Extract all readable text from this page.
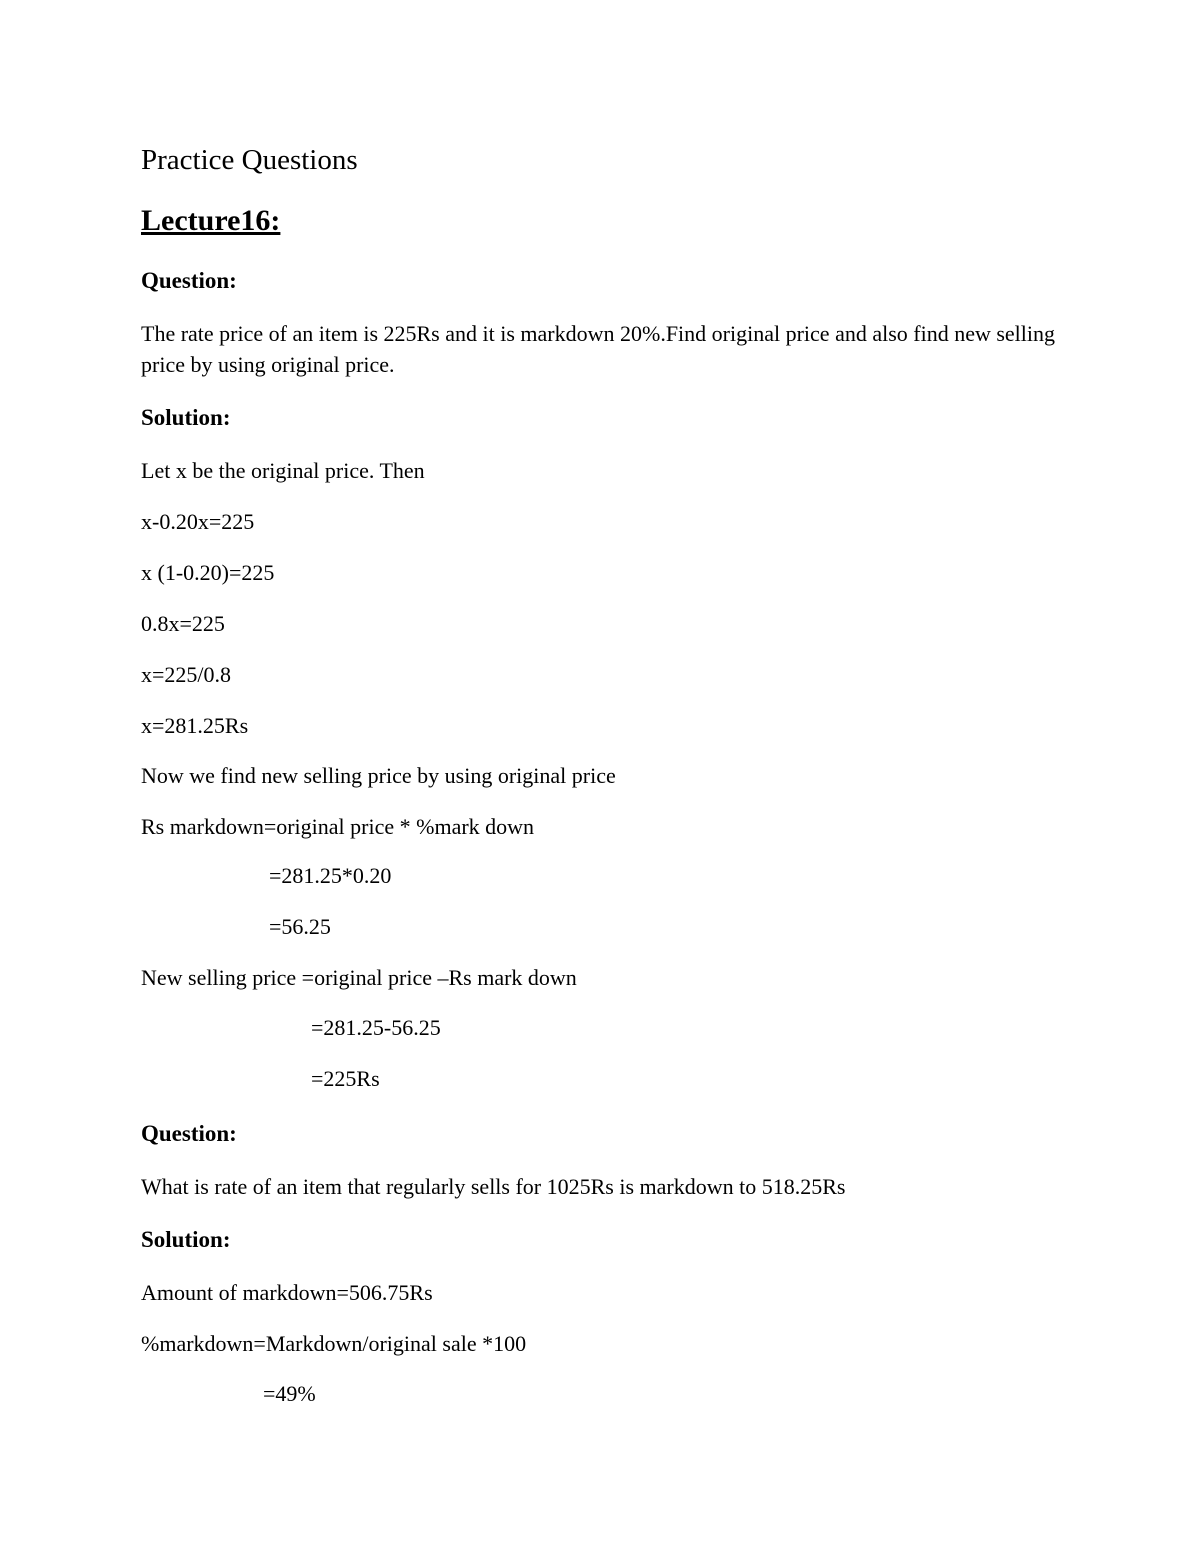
Practice Questions
Lecture16:
Question:
The rate price of an item is 225Rs and it is markdown 20%.Find original price and also find new selling price by using original price.
Solution:
Let x be the original price. Then
x-0.20x=225
x (1-0.20)=225
0.8x=225
x=225/0.8
x=281.25Rs
Now we find new selling price by using original price
Rs markdown=original price * %mark down
=281.25*0.20
=56.25
New selling price =original price –Rs mark down
=281.25-56.25
=225Rs
Question:
What is rate of an item that regularly sells for 1025Rs is markdown to 518.25Rs
Solution:
Amount of markdown=506.75Rs
%markdown=Markdown/original sale *100
=49%
